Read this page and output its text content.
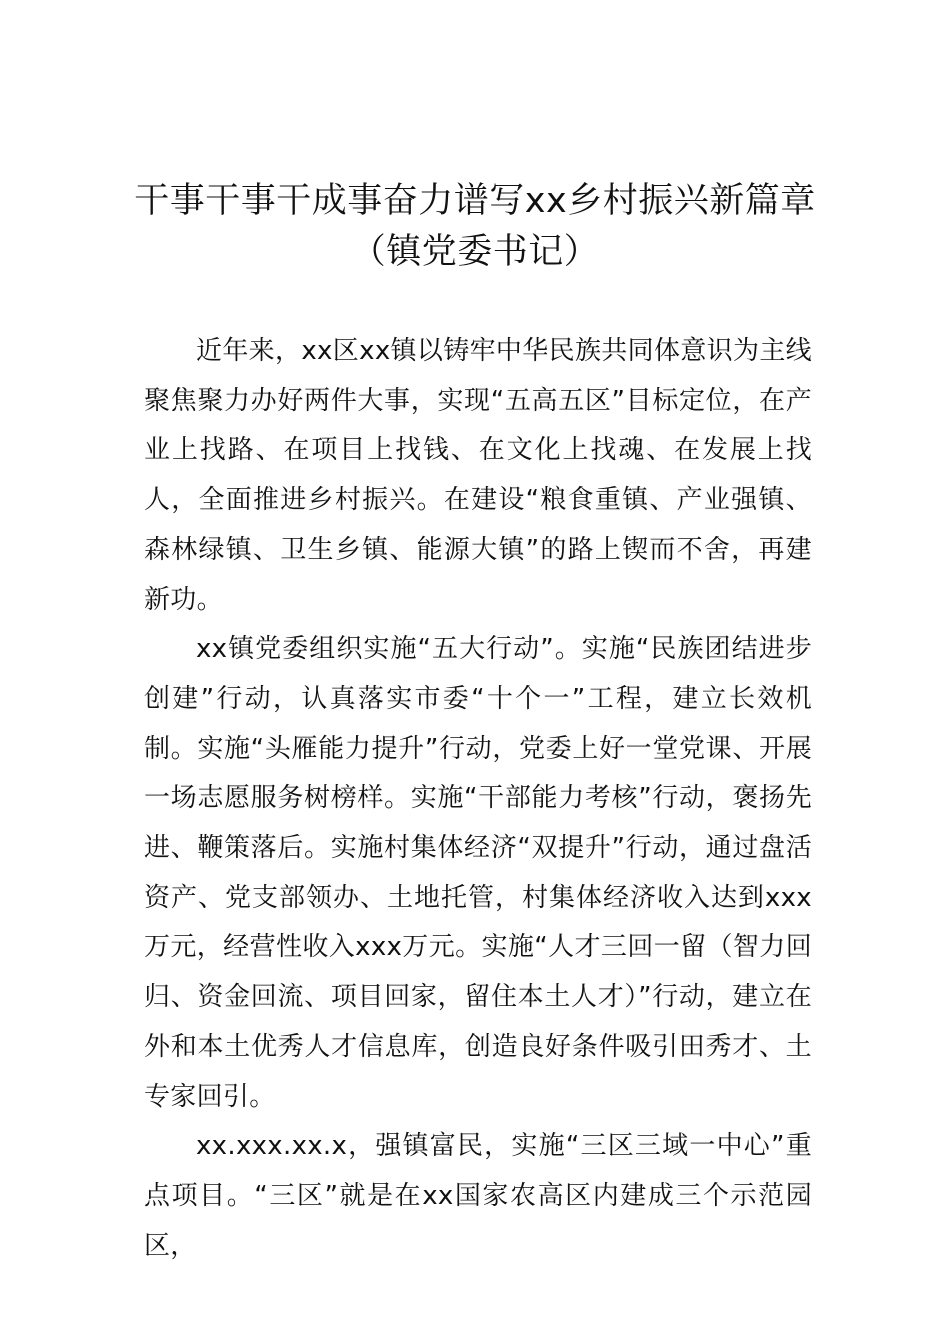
干事干事干成事奋力谱写xx乡村振兴新篇章（镇党委书记）

近年来，xx区xx镇以铸牢中华民族共同体意识为主线聚焦聚力办好两件大事，实现“五高五区”目标定位，在产业上找路、在项目上找钱、在文化上找魂、在发展上找人，全面推进乡村振兴。在建设“粮食重镇、产业强镇、森林绿镇、卫生乡镇、能源大镇”的路上锲而不舍，再建新功。

xx镇党委组织实施“五大行动”。实施“民族团结进步创建”行动，认真落实市委“十个一”工程，建立长效机制。实施“头雁能力提升”行动，党委上好一堂党课、开展一场志愿服务树榜样。实施“干部能力考核”行动，褒扬先进、鞭策落后。实施村集体经济“双提升”行动，通过盘活资产、党支部领办、土地托管，村集体经济收入达到xxx万元，经营性收入xxx万元。实施“人才三回一留（智力回归、资金回流、项目回家，留住本土人才）”行动，建立在外和本土优秀人才信息库，创造良好条件吸引田秀才、土专家回引。

xx.xxx.xx.x，强镇富民，实施“三区三域一中心”重点项目。“三区”就是在xx国家农高区内建成三个示范园区，
